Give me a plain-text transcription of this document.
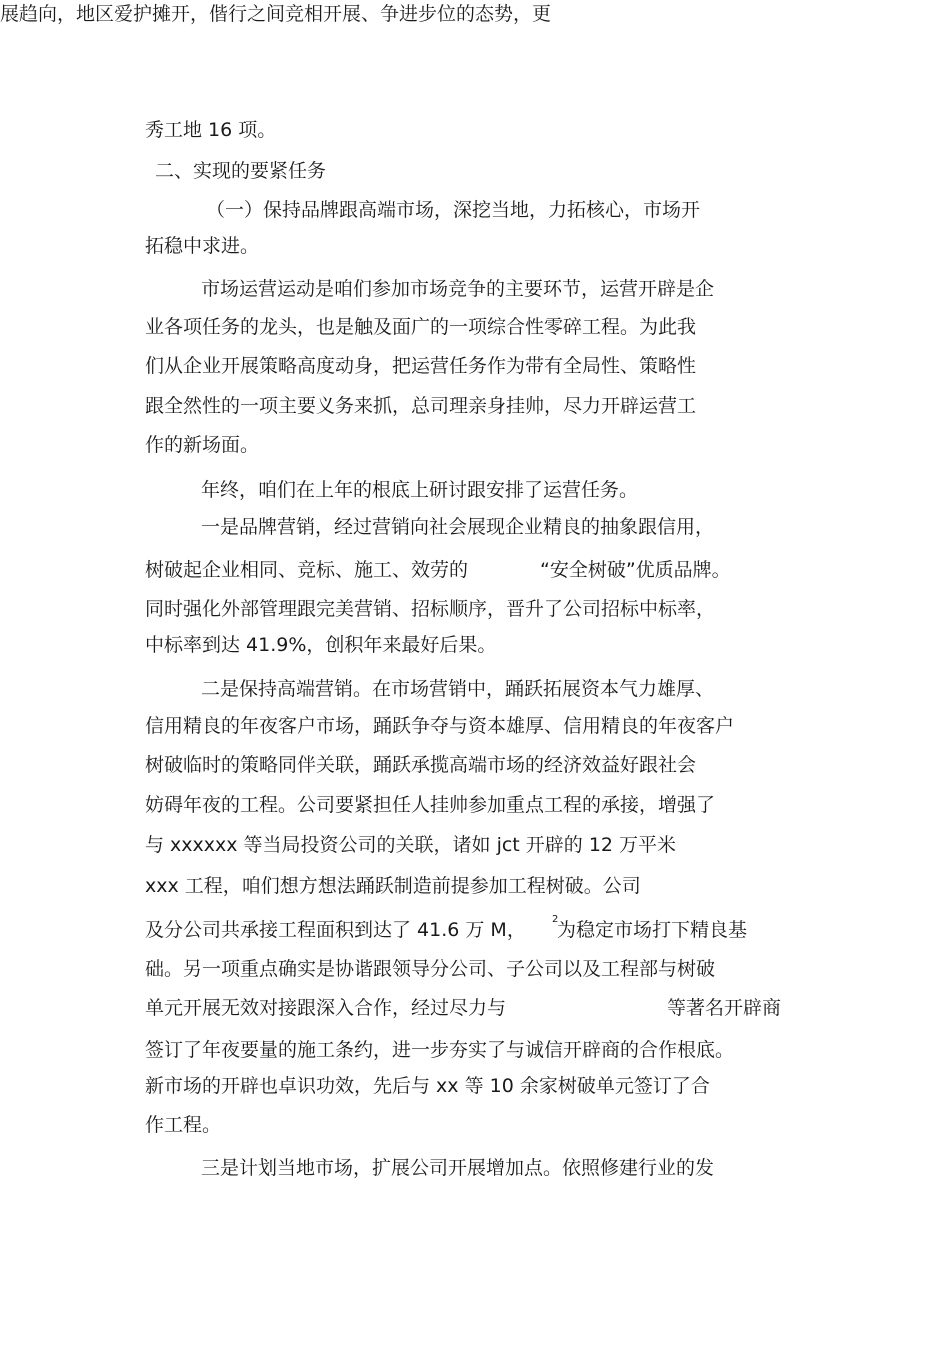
展趋向，地区爱护摊开，偕行之间竞相开展、争进步位的态势，更
秀工地 16 项。
二、实现的要紧任务
（一）保持品牌跟高端市场，深挖当地，力拓核心，市场开
拓稳中求进。
市场运营运动是咱们参加市场竞争的主要环节，运营开辟是企
业各项任务的龙头，也是触及面广的一项综合性零碎工程。为此我
们从企业开展策略高度动身，把运营任务作为带有全局性、策略性
跟全然性的一项主要义务来抓，总司理亲身挂帅，尽力开辟运营工
作的新场面。
年终，咱们在上年的根底上研讨跟安排了运营任务。
一是品牌营销，经过营销向社会展现企业精良的抽象跟信用，
树破起企业相同、竞标、施工、效劳的	“安全树破”优质品牌。
同时强化外部管理跟完美营销、招标顺序，晋升了公司招标中标率，
中标率到达 41.9%，创积年来最好后果。
二是保持高端营销。在市场营销中，踊跃拓展资本气力雄厚、
信用精良的年夜客户市场，踊跃争夺与资本雄厚、信用精良的年夜客户
树破临时的策略同伴关联，踊跃承揽高端市场的经济效益好跟社会
妨碍年夜的工程。公司要紧担任人挂帅参加重点工程的承接，增强了
与 xxxxxx 等当局投资公司的关联，诸如 jct 开辟的 12 万平米
xxx 工程，咱们想方想法踊跃制造前提参加工程树破。公司
及分公司共承接工程面积到达了 41.6 万 M，	2
为稳定市场打下精良基
础。另一项重点确实是协谐跟领导分公司、子公司以及工程部与树破
单元开展无效对接跟深入合作，经过尽力与	等著名开辟商
签订了年夜要量的施工条约，进一步夯实了与诚信开辟商的合作根底。
新市场的开辟也卓识功效，先后与 xx 等 10 余家树破单元签订了合
作工程。
三是计划当地市场，扩展公司开展增加点。依照修建行业的发
